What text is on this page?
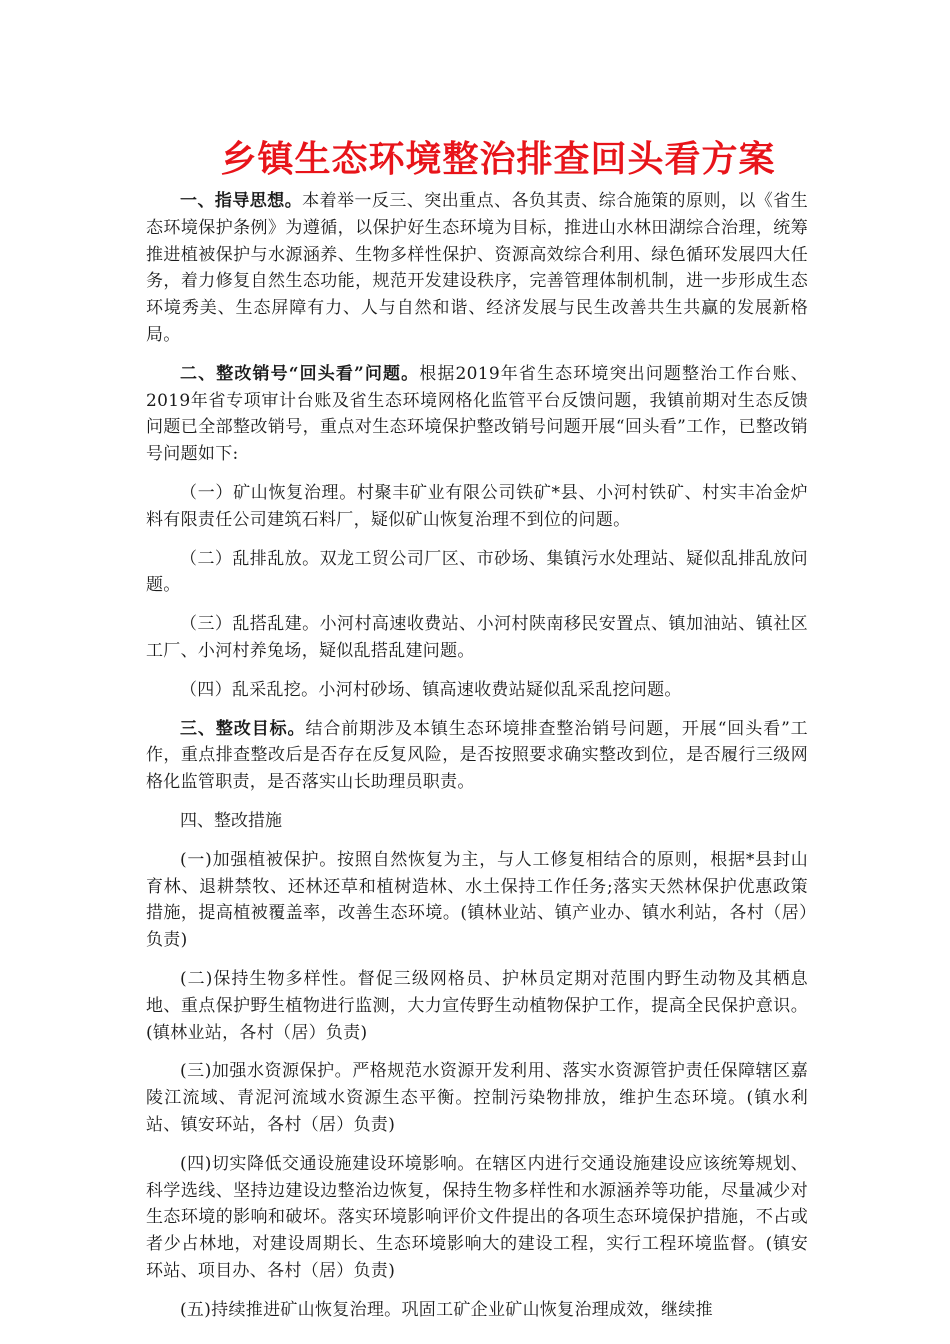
乡镇生态环境整治排查回头看方案

一、指导思想。本着举一反三、突出重点、各负其责、综合施策的原则，以《省生态环境保护条例》为遵循，以保护好生态环境为目标，推进山水林田湖综合治理，统筹推进植被保护与水源涵养、生物多样性保护、资源高效综合利用、绿色循环发展四大任务，着力修复自然生态功能，规范开发建设秩序，完善管理体制机制，进一步形成生态环境秀美、生态屏障有力、人与自然和谐、经济发展与民生改善共生共赢的发展新格局。

二、整改销号“回头看”问题。根据2019年省生态环境突出问题整治工作台账、2019年省专项审计台账及省生态环境网格化监管平台反馈问题，我镇前期对生态反馈问题已全部整改销号，重点对生态环境保护整改销号问题开展“回头看”工作，已整改销号问题如下:

（一）矿山恢复治理。村聚丰矿业有限公司铁矿*县、小河村铁矿、村实丰冶金炉料有限责任公司建筑石料厂，疑似矿山恢复治理不到位的问题。

（二）乱排乱放。双龙工贸公司厂区、市砂场、集镇污水处理站、疑似乱排乱放问题。

（三）乱搭乱建。小河村高速收费站、小河村陕南移民安置点、镇加油站、镇社区工厂、小河村养兔场，疑似乱搭乱建问题。

（四）乱采乱挖。小河村砂场、镇高速收费站疑似乱采乱挖问题。

三、整改目标。结合前期涉及本镇生态环境排查整治销号问题，开展“回头看”工作，重点排查整改后是否存在反复风险，是否按照要求确实整改到位，是否履行三级网格化监管职责，是否落实山长助理员职责。

四、整改措施

(一)加强植被保护。按照自然恢复为主，与人工修复相结合的原则，根据*县封山育林、退耕禁牧、还林还草和植树造林、水土保持工作任务;落实天然林保护优惠政策措施，提高植被覆盖率，改善生态环境。(镇林业站、镇产业办、镇水利站，各村（居）负责)

(二)保持生物多样性。督促三级网格员、护林员定期对范围内野生动物及其栖息地、重点保护野生植物进行监测，大力宣传野生动植物保护工作，提高全民保护意识。(镇林业站，各村（居）负责)

(三)加强水资源保护。严格规范水资源开发利用、落实水资源管护责任保障辖区嘉陵江流域、青泥河流域水资源生态平衡。控制污染物排放，维护生态环境。(镇水利站、镇安环站，各村（居）负责)

(四)切实降低交通设施建设环境影响。在辖区内进行交通设施建设应该统筹规划、科学选线、坚持边建设边整治边恢复，保持生物多样性和水源涵养等功能，尽量减少对生态环境的影响和破坏。落实环境影响评价文件提出的各项生态环境保护措施，不占或者少占林地，对建设周期长、生态环境影响大的建设工程，实行工程环境监督。(镇安环站、项目办、各村（居）负责)

(五)持续推进矿山恢复治理。巩固工矿企业矿山恢复治理成效，继续推
